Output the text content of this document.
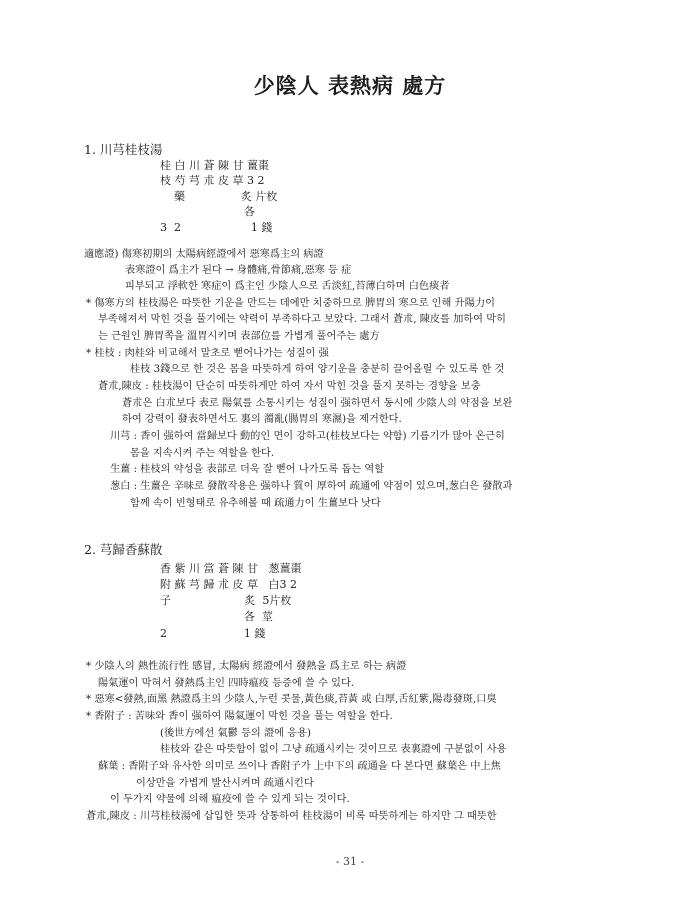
少陰人 表熱病 處方
1. 川芎桂枝湯
桂 白 川 蒼 陳 甘 薑棗
枝 芍 芎 朮 皮 草 3 2
藥                炙 片枚
各
3  2                    1 錢
適應證) 傷寒初期의 太陽病經證에서 惡寒爲主의 病證
表寒證이 爲主가 된다 → 身體痛,骨節痛,惡寒 등 症
피부되고 浮軟한 寒症이 爲主인 少陰人으로 舌淡紅,苔薄白하며 白色痰者
* 傷寒方의 桂枝湯은 따뜻한 기운을 만드는 데에만 치중하므로 脾胃의 寒으로 인해 升陽力이
부족해져서 막힌 것을 풀기에는 약력이 부족하다고 보았다. 그래서 蒼朮, 陳皮를 加하여 막히
는 근원인 脾胃쪽을 溫胃시키며 表部位를 가볍게 풀어주는 處方
* 桂枝 : 肉桂와 비교해서 말초로 뻗어나가는 성질이 强
桂枝 3錢으로 한 것은 몸을 따뜻하게 하여 양기운을 충분히 끌어올릴 수 있도록 한 것
蒼朮,陳皮 : 桂枝湯이 단순히 따뜻하게만 하여 자서 막힌 것을 풀지 못하는 경향을 보충
蒼朮은 白朮보다 表로 陽氣를 소통시키는 성질이 强하면서 동시에 少陰人의 약점을 보완
하여 강력이 發表하면서도 裏의 濁亂(腸胃의 寒濕)을 제거한다.
川芎 : 香이 强하여 當歸보다 動的인 면이 강하고(桂枝보다는 약함) 기름기가 많아 온근히
몸을 지속시켜 주는 역할을 한다.
生薑 : 桂枝의 약성을 表部로 더욱 잘 뻗어 나가도록 돕는 역할
葱白 : 生薑은 辛味로 發散작용은 强하나 質이 厚하여 疏通에 약점이 있으며,葱白은 發散과
함께 속이 빈형태로 유추해볼 때 疏通力이 生薑보다 낫다
2. 芎歸香蘇散
香 紫 川 當 蒼 陳 甘   葱薑棗
附 蘇 芎 歸 朮 皮 草   白3 2
子                     炙  5片枚
各  莖
2                      1 錢
* 少陰人의 熱性流行性 感冒, 太陽病 經證에서 發熱을 爲主로 하는 病證
陽氣運이 막혀서 發熱爲主인 四時瘟疫 등증에 쓸 수 있다.
* 惡寒<發熱,面黑 熱證爲主의 少陰人,누런 콧물,黃色痰,苔黃 或 白厚,舌紅紫,陽毒發斑,口臭
* 香附子 : 苦味와 香이 强하여 陽氣運이 막힌 것을 풀는 역할을 한다.
(後世方에선 氣鬱 등의 證에 응용)
桂枝와 같은 따뜻함이 없이 그냥 疏通시키는 것이므로 表裏證에 구분없이 사용
蘇葉 : 香附子와 유사한 의미로 쓰이나 香附子가 上中下의 疏通을 다 본다면 蘇葉은 中上焦
이상만을 가볍게 발산시켜며 疏通시킨다
이 두가지 약물에 의해 瘟疫에 쓸 수 있게 되는 것이다.
蒼朮,陳皮 : 川芎桂枝湯에 삽입한 뜻과 상통하여 桂枝湯이 비록 따뜻하게는 하지만 그 때뜻한
- 31 -
